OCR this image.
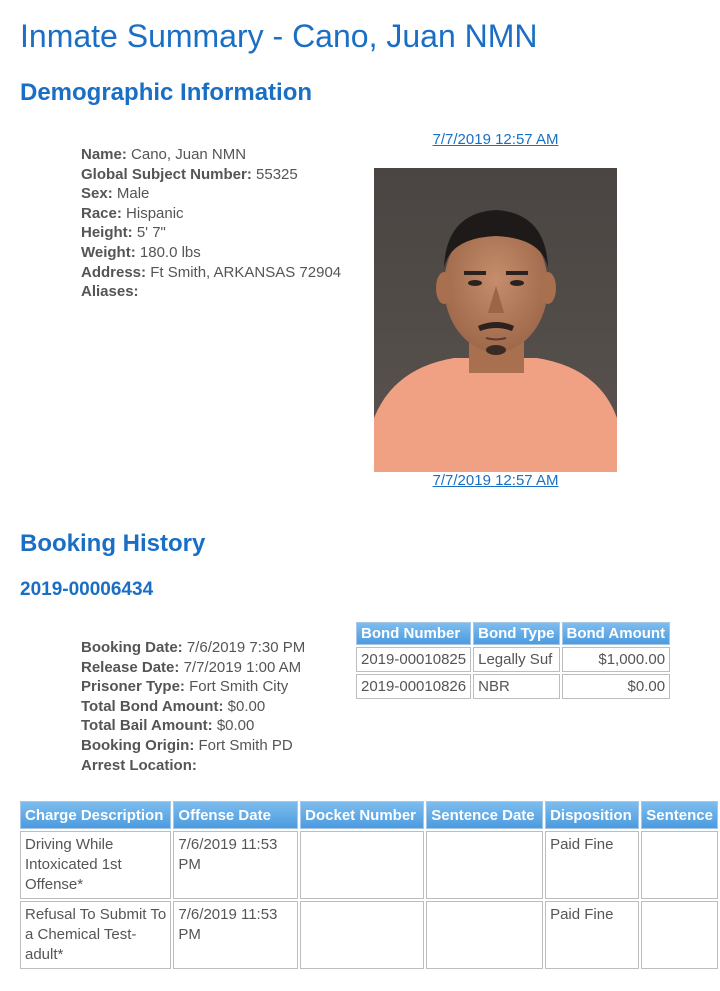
Inmate Summary - Cano, Juan NMN
Demographic Information
Name: Cano, Juan NMN
Global Subject Number: 55325
Sex: Male
Race: Hispanic
Height: 5' 7"
Weight: 180.0 lbs
Address: Ft Smith, ARKANSAS 72904
Aliases:
7/7/2019 12:57 AM
7/7/2019 12:57 AM
Booking History
2019-00006434
Booking Date: 7/6/2019 7:30 PM
Release Date: 7/7/2019 1:00 AM
Prisoner Type: Fort Smith City
Total Bond Amount: $0.00
Total Bail Amount: $0.00
Booking Origin: Fort Smith PD
Arrest Location:
Bond Number	Bond Type	Bond Amount
2019-00010825	Legally Suf	$1,000.00
2019-00010826	NBR	$0.00
Charge Description	Offense Date	Docket Number	Sentence Date	Disposition	Sentence
Driving While Intoxicated 1st Offense*	7/6/2019 11:53 PM			Paid Fine	
Refusal To Submit To a Chemical Test-adult*	7/6/2019 11:53 PM			Paid Fine	
